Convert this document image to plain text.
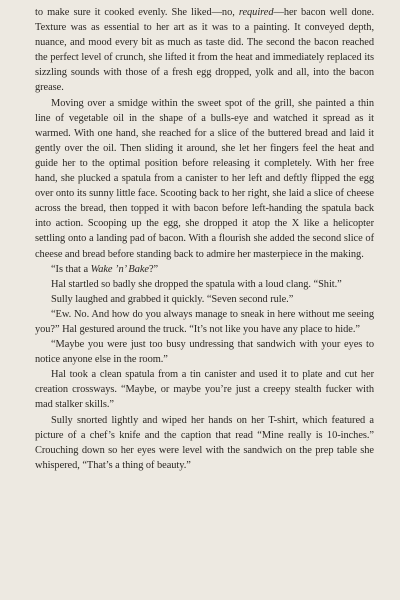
to make sure it cooked evenly. She liked—no, required—her bacon well done. Texture was as essential to her art as it was to a painting. It conveyed depth, nuance, and mood every bit as much as taste did. The second the bacon reached the perfect level of crunch, she lifted it from the heat and immediately replaced its sizzling sounds with those of a fresh egg dropped, yolk and all, into the bacon grease.

Moving over a smidge within the sweet spot of the grill, she painted a thin line of vegetable oil in the shape of a bulls-eye and watched it spread as it warmed. With one hand, she reached for a slice of the buttered bread and laid it gently over the oil. Then sliding it around, she let her fingers feel the heat and guide her to the optimal position before releasing it completely. With her free hand, she plucked a spatula from a canister to her left and deftly flipped the egg over onto its sunny little face. Scooting back to her right, she laid a slice of cheese across the bread, then topped it with bacon before left-handing the spatula back into action. Scooping up the egg, she dropped it atop the X like a helicopter settling onto a landing pad of bacon. With a flourish she added the second slice of cheese and bread before standing back to admire her masterpiece in the making.

“Is that a Wake ’n’ Bake?”

Hal startled so badly she dropped the spatula with a loud clang. “Shit.”

Sully laughed and grabbed it quickly. “Seven second rule.”

“Ew. No. And how do you always manage to sneak in here without me seeing you?” Hal gestured around the truck. “It’s not like you have any place to hide.”

“Maybe you were just too busy undressing that sandwich with your eyes to notice anyone else in the room.”

Hal took a clean spatula from a tin canister and used it to plate and cut her creation crossways. “Maybe, or maybe you’re just a creepy stealth fucker with mad stalker skills.”

Sully snorted lightly and wiped her hands on her T-shirt, which featured a picture of a chef’s knife and the caption that read “Mine really is 10-inches.” Crouching down so her eyes were level with the sandwich on the prep table she whispered, “That’s a thing of beauty.”
